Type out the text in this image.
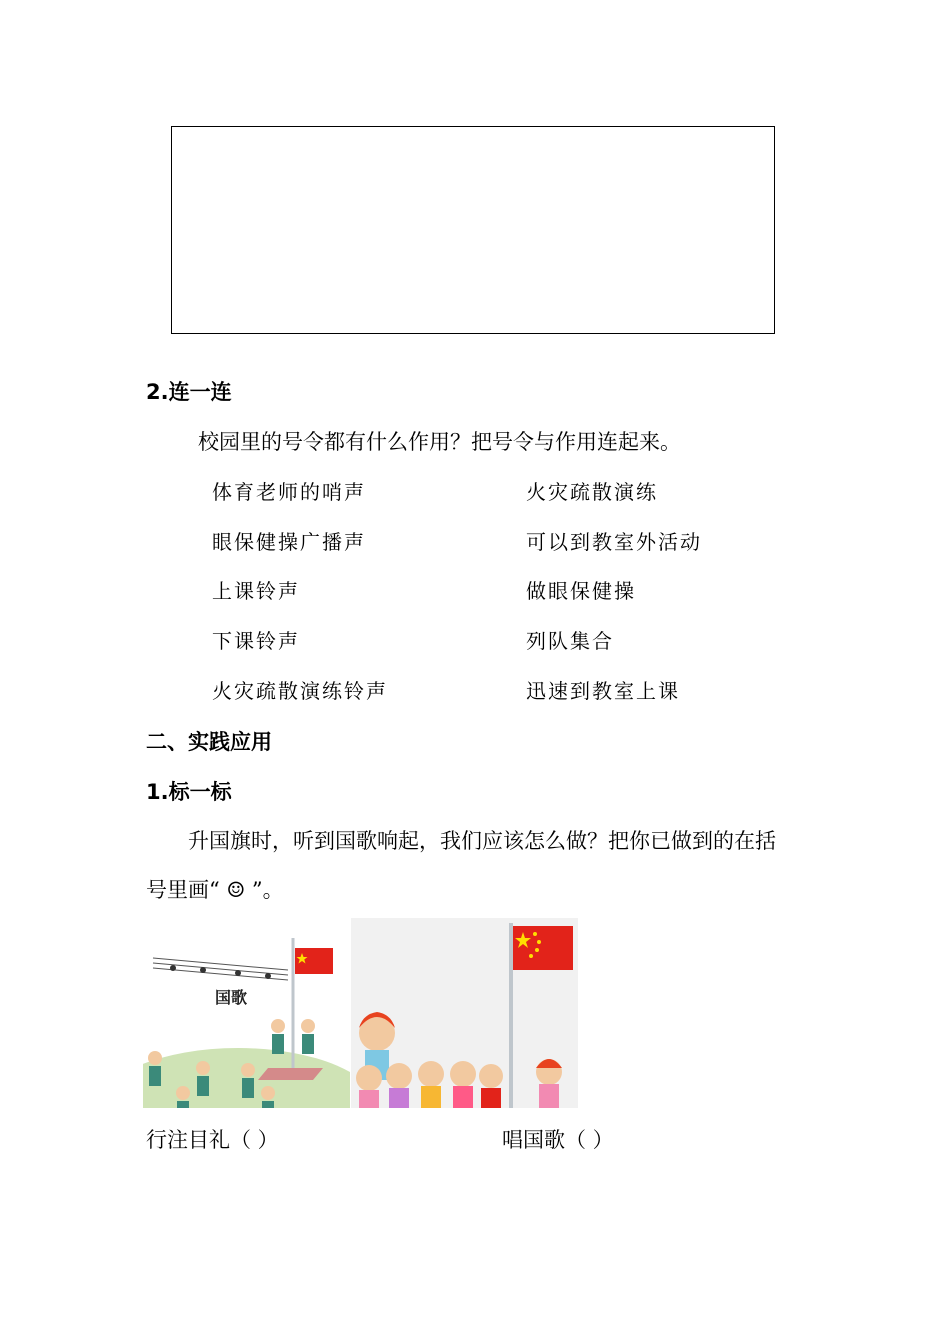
2.连一连
校园里的号令都有什么作用？把号令与作用连起来。
体育老师的哨声
眼保健操广播声
上课铃声
下课铃声
火灾疏散演练铃声
火灾疏散演练
可以到教室外活动
做眼保健操
列队集合
迅速到教室上课
二、实践应用
1.标一标
升国旗时，听到国歌响起，我们应该怎么做？把你已做到的在括
号里画“ ☺ ”。
国歌
行注目礼（ ）	唱国歌（ ）
